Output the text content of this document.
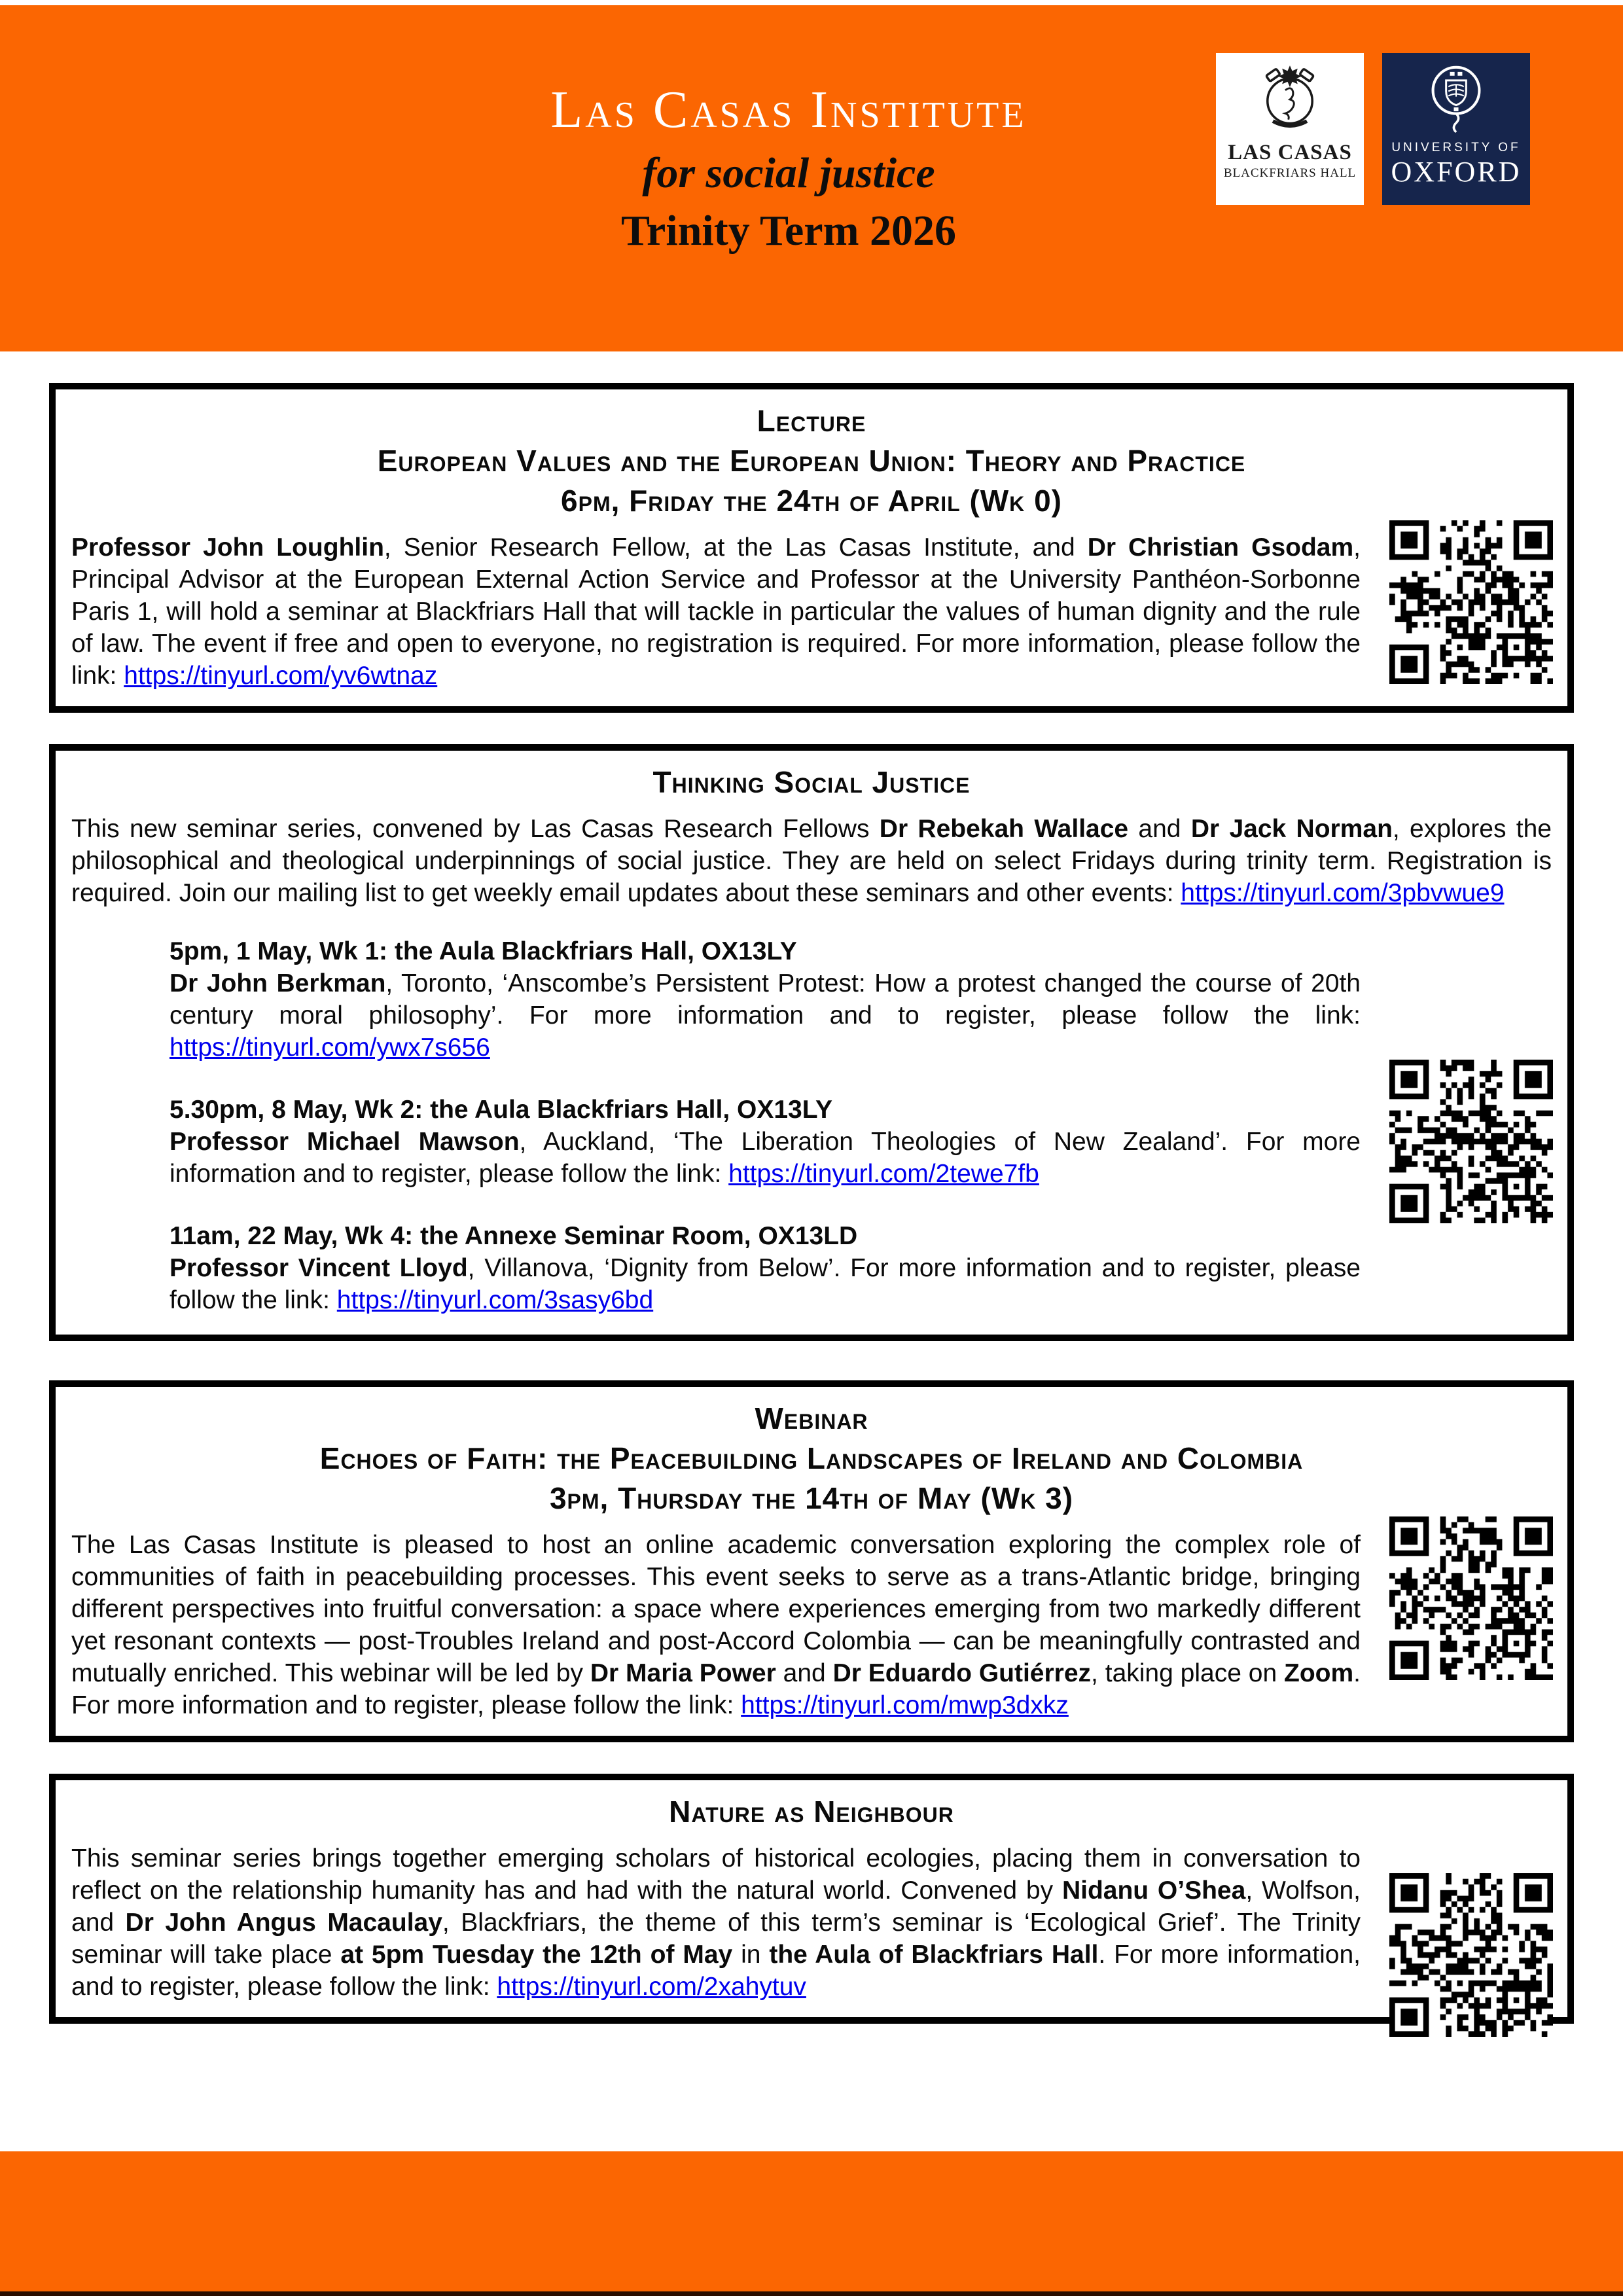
Las Casas Institute
for social justice
Trinity Term 2026
LAS CASAS
BLACKFRIARS HALL
UNIVERSITY OF
OXFORD
Lecture
European Values and the European Union: Theory and Practice
6pm, Friday the 24th of April (Wk 0)

Professor John Loughlin, Senior Research Fellow, at the Las Casas Institute, and Dr Christian Gsodam, Principal Advisor at the European External Action Service and Professor at the University Panthéon-Sorbonne Paris 1, will hold a seminar at Blackfriars Hall that will tackle in particular the values of human dignity and the rule of law. The event if free and open to everyone, no registration is required. For more information, please follow the link: https://tinyurl.com/yv6wtnaz

Thinking Social Justice

This new seminar series, convened by Las Casas Research Fellows Dr Rebekah Wallace and Dr Jack Norman, explores the philosophical and theological underpinnings of social justice. They are held on select Fridays during trinity term. Registration is required. Join our mailing list to get weekly email updates about these seminars and other events: https://tinyurl.com/3pbvwue9

5pm, 1 May, Wk 1: the Aula Blackfriars Hall, OX13LY
Dr John Berkman, Toronto, ‘Anscombe’s Persistent Protest: How a protest changed the course of 20th century moral philosophy’. For more information and to register, please follow the link: https://tinyurl.com/ywx7s656
5.30pm, 8 May, Wk 2: the Aula Blackfriars Hall, OX13LY
Professor Michael Mawson, Auckland, ‘The Liberation Theologies of New Zealand’. For more information and to register, please follow the link: https://tinyurl.com/2tewe7fb
11am, 22 May, Wk 4: the Annexe Seminar Room, OX13LD
Professor Vincent Lloyd, Villanova, ‘Dignity from Below’. For more information and to register, please follow the link: https://tinyurl.com/3sasy6bd
Webinar
Echoes of Faith: the Peacebuilding Landscapes of Ireland and Colombia
3pm, Thursday the 14th of May (Wk 3)

The Las Casas Institute is pleased to host an online academic conversation exploring the complex role of communities of faith in peacebuilding processes. This event seeks to serve as a trans-Atlantic bridge, bringing different perspectives into fruitful conversation: a space where experiences emerging from two markedly different yet resonant contexts — post-Troubles Ireland and post-Accord Colombia — can be meaningfully contrasted and mutually enriched. This webinar will be led by Dr Maria Power and Dr Eduardo Gutiérrez, taking place on Zoom. For more information and to register, please follow the link: https://tinyurl.com/mwp3dxkz

Nature as Neighbour

This seminar series brings together emerging scholars of historical ecologies, placing them in conversation to reflect on the relationship humanity has and had with the natural world. Convened by Nidanu O’Shea, Wolfson, and Dr John Angus Macaulay, Blackfriars, the theme of this term’s seminar is ‘Ecological Grief’. The Trinity seminar will take place at 5pm Tuesday the 12th of May in the Aula of Blackfriars Hall. For more information, and to register, please follow the link: https://tinyurl.com/2xahytuv
